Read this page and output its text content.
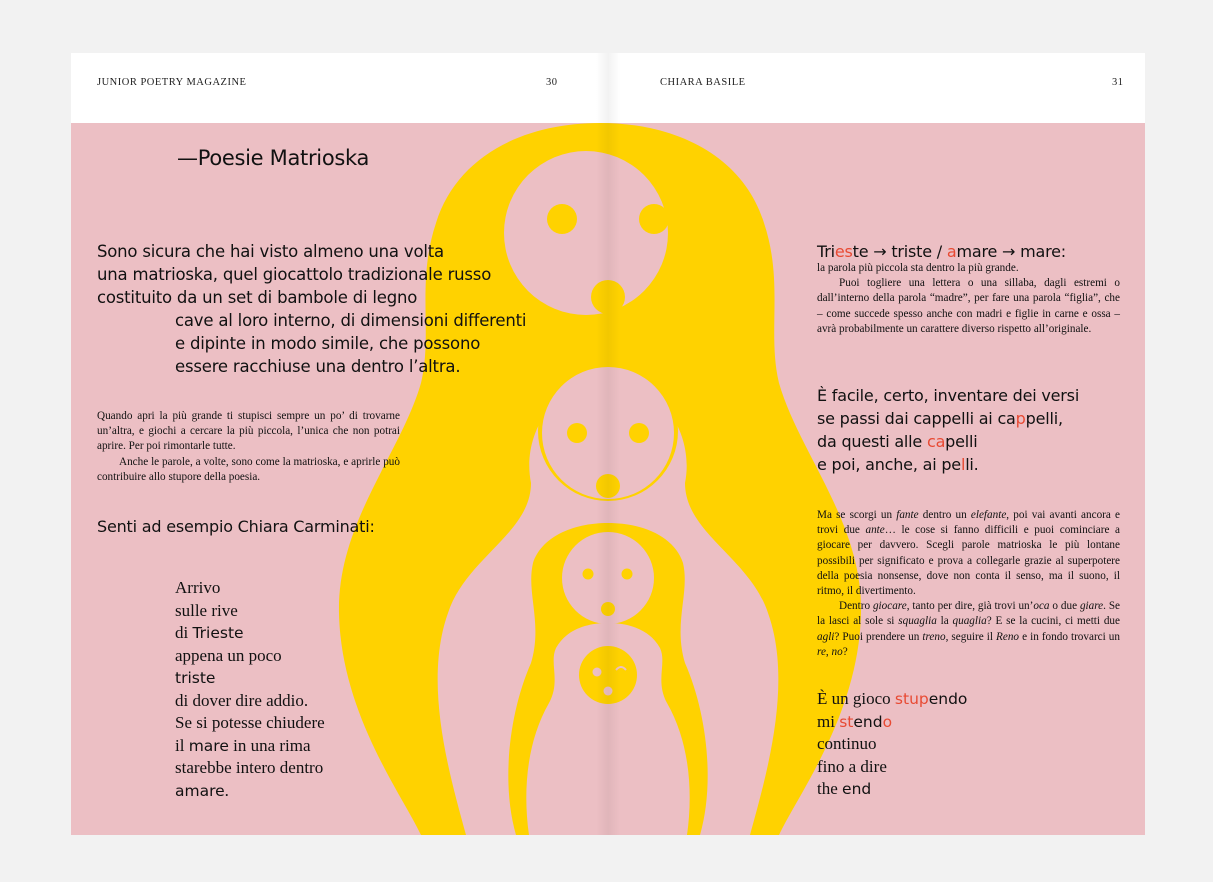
JUNIOR POETRY MAGAZINE	30	CHIARA BASILE	31
—Poesie Matrioska
Sono sicura che hai visto almeno una volta
una matrioska, quel giocattolo tradizionale russo
costituito da un set di bambole di legno
cave al loro interno, di dimensioni differenti
e dipinte in modo simile, che possono
essere racchiuse una dentro l’altra.

Quando apri la più grande ti stupisci sempre un po’ di trovarne un’altra, e giochi a cercare la più piccola, l’unica che non potrai aprire. Per poi rimontarle tutte.

Anche le parole, a volte, sono come la matrioska, e aprirle può contribuire allo stupore della poesia.

Senti ad esempio Chiara Carminati:
Arrivo
sulle rive
di Trieste
appena un poco
triste
di dover dire addio.
Se si potesse chiudere
il mare in una rima
starebbe intero dentro
amare.
Trieste → triste / amare → mare:

la parola più piccola sta dentro la più grande.

Puoi togliere una lettera o una sillaba, dagli estremi o dall’interno della parola “madre”, per fare una parola “figlia”, che – come succede spesso anche con madri e figlie in carne e ossa – avrà probabilmente un carattere diverso rispetto all’originale.

È facile, certo, inventare dei versi
se passi dai cappelli ai cappelli,
da questi alle capelli
e poi, anche, ai pelli.

Ma se scorgi un fante dentro un elefante, poi vai avanti ancora e trovi due ante… le cose si fanno difficili e puoi cominciare a giocare per davvero. Scegli parole matrioska le più lontane possibili per significato e prova a collegarle grazie al superpotere della poesia nonsense, dove non conta il senso, ma il suono, il ritmo, il divertimento.

Dentro giocare, tanto per dire, già trovi un’oca o due giare. Se la lasci al sole si squaglia la quaglia? E se la cucini, ci metti due agli? Puoi prendere un treno, seguire il Reno e in fondo trovarci un re, no?

È un gioco stupendo
mi stendo
continuo
fino a dire
the end
